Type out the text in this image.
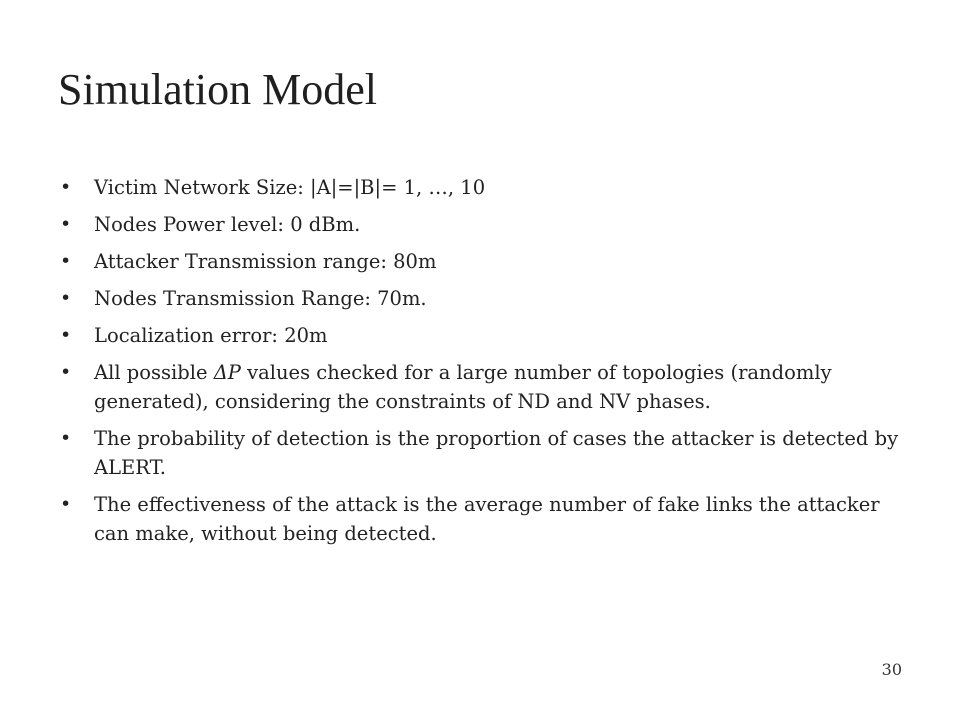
Simulation Model
• Victim Network Size: |A|=|B|= 1, …, 10
• Nodes Power level: 0 dBm.
• Attacker Transmission range: 80m
• Nodes Transmission Range: 70m.
• Localization error: 20m
• All possible ΔP values checked for a large number of topologies (randomly generated), considering the constraints of ND and NV phases.
• The probability of detection is the proportion of cases the attacker is detected by ALERT.
• The effectiveness of the attack is the average number of fake links the attacker can make, without being detected.
30
